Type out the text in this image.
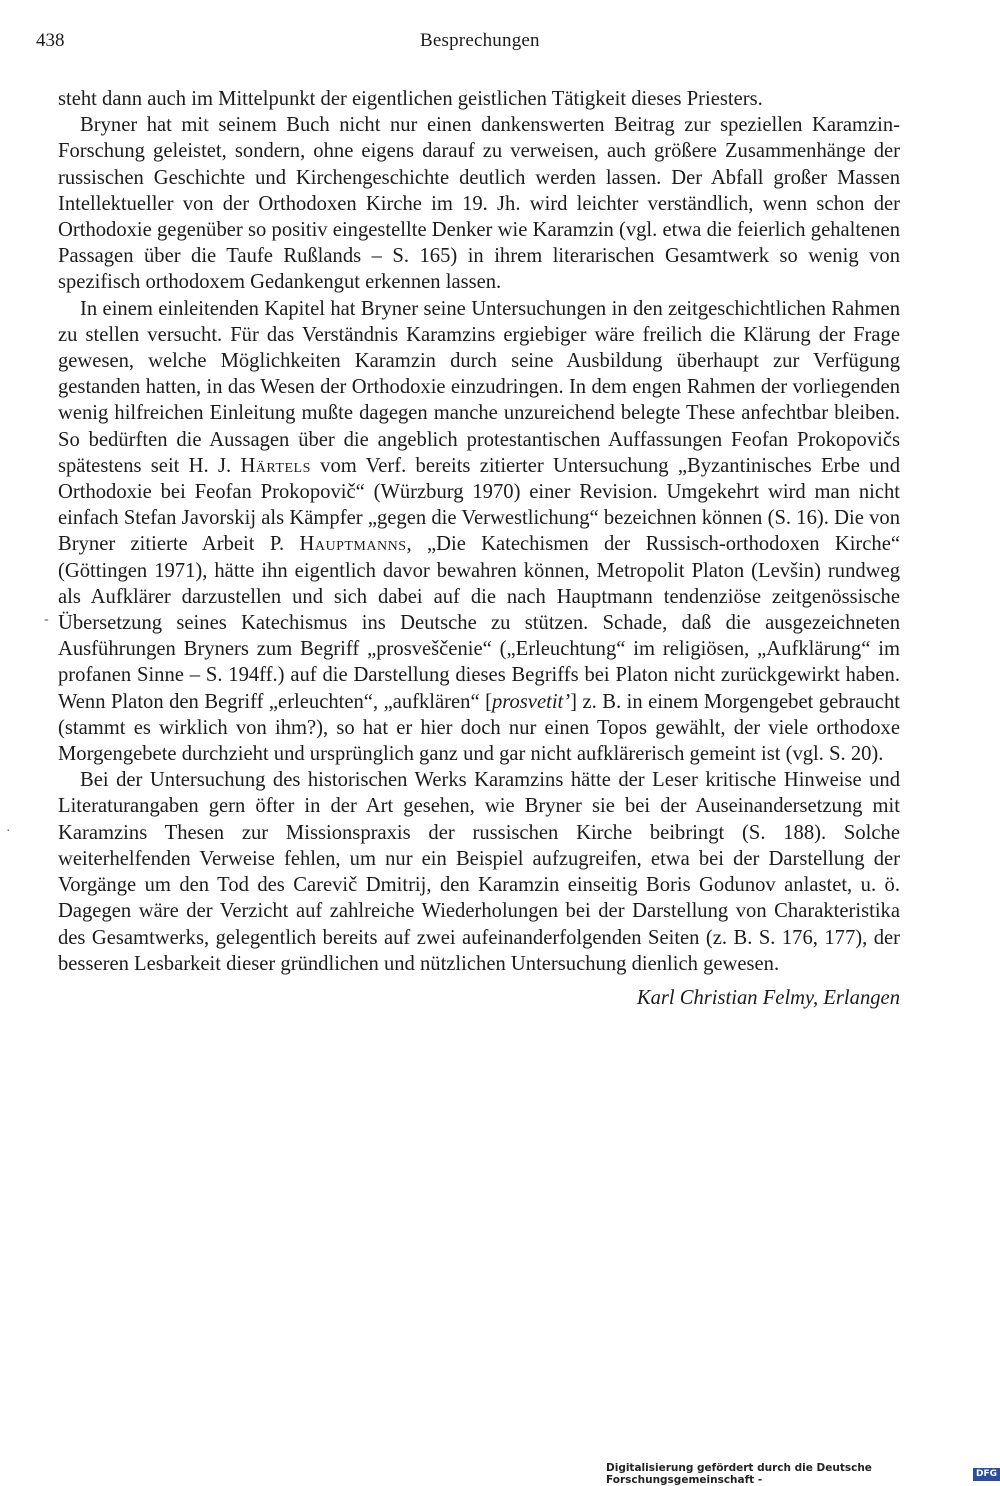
438	Besprechungen
-
·

steht dann auch im Mittelpunkt der eigentlichen geistlichen Tätigkeit dieses Priesters.

Bryner hat mit seinem Buch nicht nur einen dankenswerten Beitrag zur speziellen Karamzin-Forschung geleistet, sondern, ohne eigens darauf zu verweisen, auch größere Zusammenhänge der russischen Geschichte und Kirchengeschichte deutlich werden lassen. Der Abfall großer Massen Intellektueller von der Orthodoxen Kirche im 19. Jh. wird leichter verständlich, wenn schon der Orthodoxie gegenüber so positiv eingestellte Denker wie Karamzin (vgl. etwa die feierlich gehaltenen Passagen über die Taufe Rußlands – S. 165) in ihrem literarischen Gesamtwerk so wenig von spezifisch orthodoxem Gedankengut erkennen lassen.

In einem einleitenden Kapitel hat Bryner seine Untersuchungen in den zeitgeschichtlichen Rahmen zu stellen versucht. Für das Verständnis Karamzins ergiebiger wäre freilich die Klärung der Frage gewesen, welche Möglichkeiten Karamzin durch seine Ausbildung überhaupt zur Verfügung gestanden hatten, in das Wesen der Orthodoxie einzudringen. In dem engen Rahmen der vorliegenden wenig hilfreichen Einleitung mußte dagegen manche unzureichend belegte These anfechtbar bleiben. So bedürften die Aussagen über die angeblich protestantischen Auffassungen Feofan Prokopovičs spätestens seit H. J. Härtels vom Verf. bereits zitierter Untersuchung „Byzantinisches Erbe und Orthodoxie bei Feofan Prokopovič“ (Würzburg 1970) einer Revision. Umgekehrt wird man nicht einfach Stefan Javorskij als Kämpfer „gegen die Verwestlichung“ bezeichnen können (S. 16). Die von Bryner zitierte Arbeit P. Hauptmanns, „Die Katechismen der Russisch-orthodoxen Kirche“ (Göttingen 1971), hätte ihn eigentlich davor bewahren können, Metropolit Platon (Levšin) rundweg als Aufklärer darzustellen und sich dabei auf die nach Hauptmann tendenziöse zeitgenössische Übersetzung seines Katechismus ins Deutsche zu stützen. Schade, daß die ausgezeichneten Ausführungen Bryners zum Begriff „prosveščenie“ („Erleuchtung“ im religiösen, „Aufklärung“ im profanen Sinne – S. 194ff.) auf die Darstellung dieses Begriffs bei Platon nicht zurückgewirkt haben. Wenn Platon den Begriff „erleuchten“, „aufklären“ [prosvetit’] z. B. in einem Morgengebet gebraucht (stammt es wirklich von ihm?), so hat er hier doch nur einen Topos gewählt, der viele orthodoxe Morgengebete durchzieht und ursprünglich ganz und gar nicht aufklärerisch gemeint ist (vgl. S. 20).

Bei der Untersuchung des historischen Werks Karamzins hätte der Leser kritische Hinweise und Literaturangaben gern öfter in der Art gesehen, wie Bryner sie bei der Auseinandersetzung mit Karamzins Thesen zur Missionspraxis der russischen Kirche beibringt (S. 188). Solche weiterhelfenden Verweise fehlen, um nur ein Beispiel aufzugreifen, etwa bei der Darstellung der Vorgänge um den Tod des Carevič Dmitrij, den Karamzin einseitig Boris Godunov anlastet, u. ö. Dagegen wäre der Verzicht auf zahlreiche Wiederholungen bei der Darstellung von Charakteristika des Gesamtwerks, gelegentlich bereits auf zwei aufeinanderfolgenden Seiten (z. B. S. 176, 177), der besseren Lesbarkeit dieser gründlichen und nützlichen Untersuchung dienlich gewesen.

Karl Christian Felmy, Erlangen
Digitalisierung gefördert durch die Deutsche Forschungsgemeinschaft -
DFG
